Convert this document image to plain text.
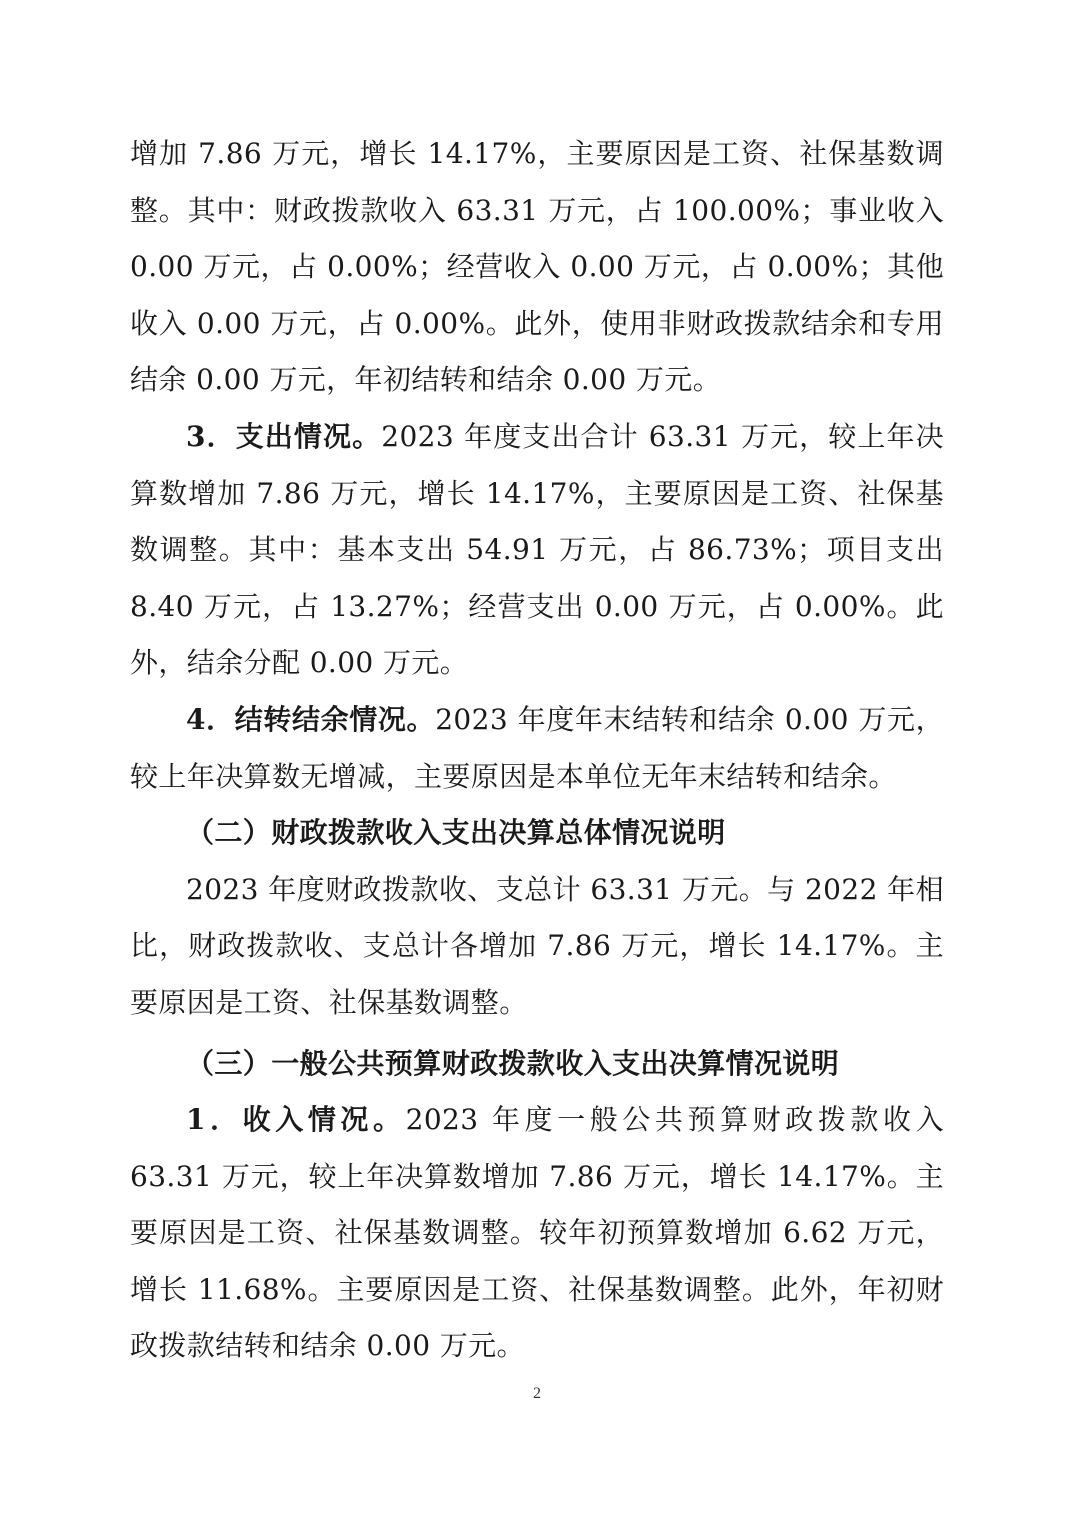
增加 7.86 万元，增长 14.17%，主要原因是工资、社保基数调整。其中：财政拨款收入 63.31 万元，占 100.00%；事业收入 0.00 万元，占 0.00%；经营收入 0.00 万元，占 0.00%；其他收入 0.00 万元，占 0.00%。此外，使用非财政拨款结余和专用结余 0.00 万元，年初结转和结余 0.00 万元。

3．支出情况。2023 年度支出合计 63.31 万元，较上年决算数增加 7.86 万元，增长 14.17%，主要原因是工资、社保基数调整。其中：基本支出 54.91 万元，占 86.73%；项目支出 8.40 万元，占 13.27%；经营支出 0.00 万元，占 0.00%。此外，结余分配 0.00 万元。

4．结转结余情况。2023 年度年末结转和结余 0.00 万元，较上年决算数无增减，主要原因是本单位无年末结转和结余。

（二）财政拨款收入支出决算总体情况说明

2023 年度财政拨款收、支总计 63.31 万元。与 2022 年相比，财政拨款收、支总计各增加 7.86 万元，增长 14.17%。主要原因是工资、社保基数调整。

（三）一般公共预算财政拨款收入支出决算情况说明

1．收入情况。2023 年度一般公共预算财政拨款收入 63.31 万元，较上年决算数增加 7.86 万元，增长 14.17%。主要原因是工资、社保基数调整。较年初预算数增加 6.62 万元，增长 11.68%。主要原因是工资、社保基数调整。此外，年初财政拨款结转和结余 0.00 万元。

2
